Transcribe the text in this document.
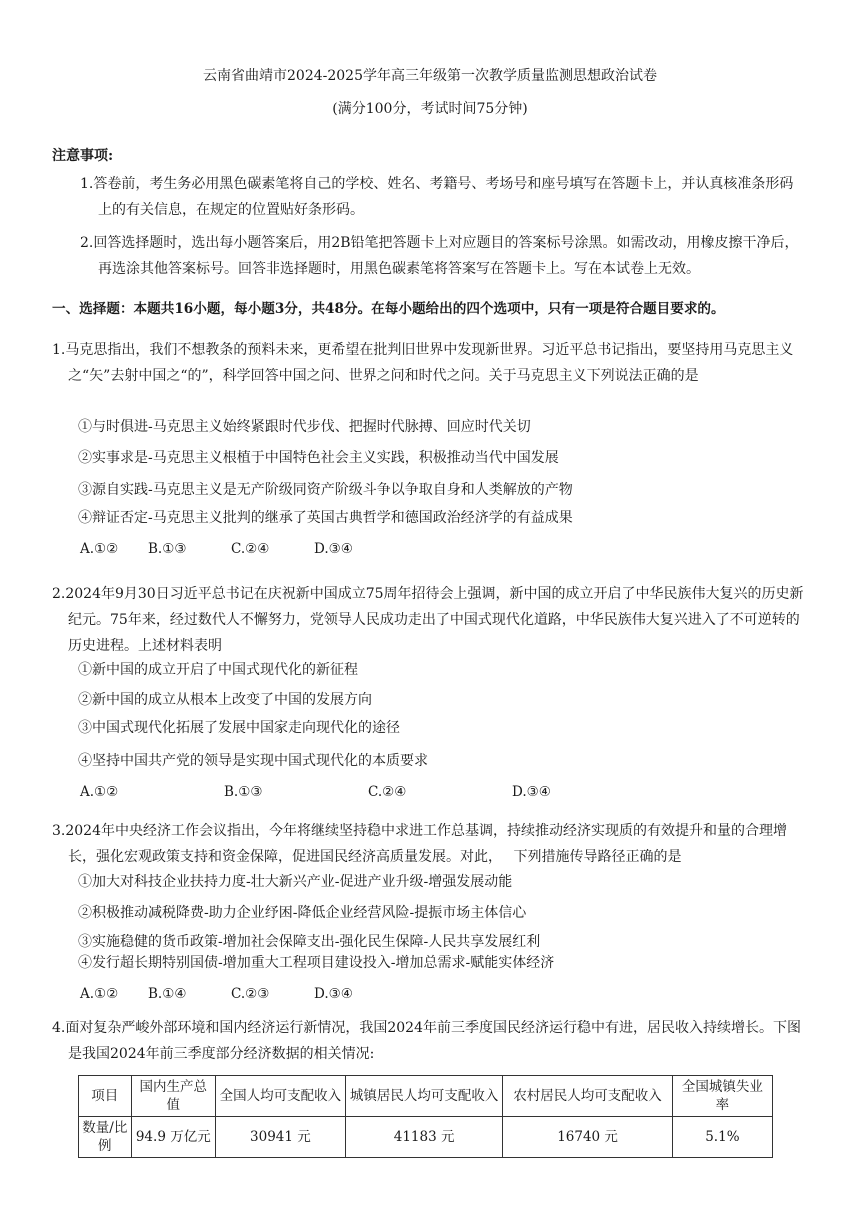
云南省曲靖市2024-2025学年高三年级第一次教学质量监测思想政治试卷
(满分100分，考试时间75分钟)
注意事项:
1.答卷前，考生务必用黑色碳素笔将自己的学校、姓名、考籍号、考场号和座号填写在答题卡上，并认真核准条形码上的有关信息，在规定的位置贴好条形码。
2.回答选择题时，选出每小题答案后，用2B铅笔把答题卡上对应题目的答案标号涂黑。如需改动，用橡皮擦干净后，再选涂其他答案标号。回答非选择题时，用黑色碳素笔将答案写在答题卡上。写在本试卷上无效。
一、选择题：本题共16小题，每小题3分，共48分。在每小题给出的四个选项中，只有一项是符合题目要求的。
1.马克思指出，我们不想教条的预料未来，更希望在批判旧世界中发现新世界。习近平总书记指出，要坚持用马克思主义之“矢”去射中国之“的”，科学回答中国之问、世界之问和时代之问。关于马克思主义下列说法正确的是
①与时俱进-马克思主义始终紧跟时代步伐、把握时代脉搏、回应时代关切
②实事求是-马克思主义根植于中国特色社会主义实践，积极推动当代中国发展
③源自实践-马克思主义是无产阶级同资产阶级斗争以争取自身和人类解放的产物
④辩证否定-马克思主义批判的继承了英国古典哲学和德国政治经济学的有益成果
A.①② B.①③	C.②④	D.③④
2.2024年9月30日习近平总书记在庆祝新中国成立75周年招待会上强调，新中国的成立开启了中华民族伟大复兴的历史新纪元。75年来，经过数代人不懈努力，党领导人民成功走出了中国式现代化道路，中华民族伟大复兴进入了不可逆转的历史进程。上述材料表明
①新中国的成立开启了中国式现代化的新征程
②新中国的成立从根本上改变了中国的发展方向
③中国式现代化拓展了发展中国家走向现代化的途径
④坚持中国共产党的领导是实现中国式现代化的本质要求
A.①②	B.①③	C.②④	D.③④
3.2024年中央经济工作会议指出，今年将继续坚持稳中求进工作总基调，持续推动经济实现质的有效提升和量的合理增长，强化宏观政策支持和资金保障，促进国民经济高质量发展。对此，　 下列措施传导路径正确的是
①加大对科技企业扶持力度-壮大新兴产业-促进产业升级-增强发展动能
②积极推动减税降费-助力企业纾困-降低企业经营风险-提振市场主体信心
③实施稳健的货币政策-增加社会保障支出-强化民生保障-人民共享发展红利
④发行超长期特别国债-增加重大工程项目建设投入-增加总需求-赋能实体经济
A.①② B.①④	C.②③	D.③④
4.面对复杂严峻外部环境和国内经济运行新情况，我国2024年前三季度国民经济运行稳中有进，居民收入持续增长。下图是我国2024年前三季度部分经济数据的相关情况:
项目	国内生产总值	全国人均可支配收入	城镇居民人均可支配收入	农村居民人均可支配收入	全国城镇失业率
数量/比例	94.9 万亿元	30941 元	41183 元	16740 元	5.1%
